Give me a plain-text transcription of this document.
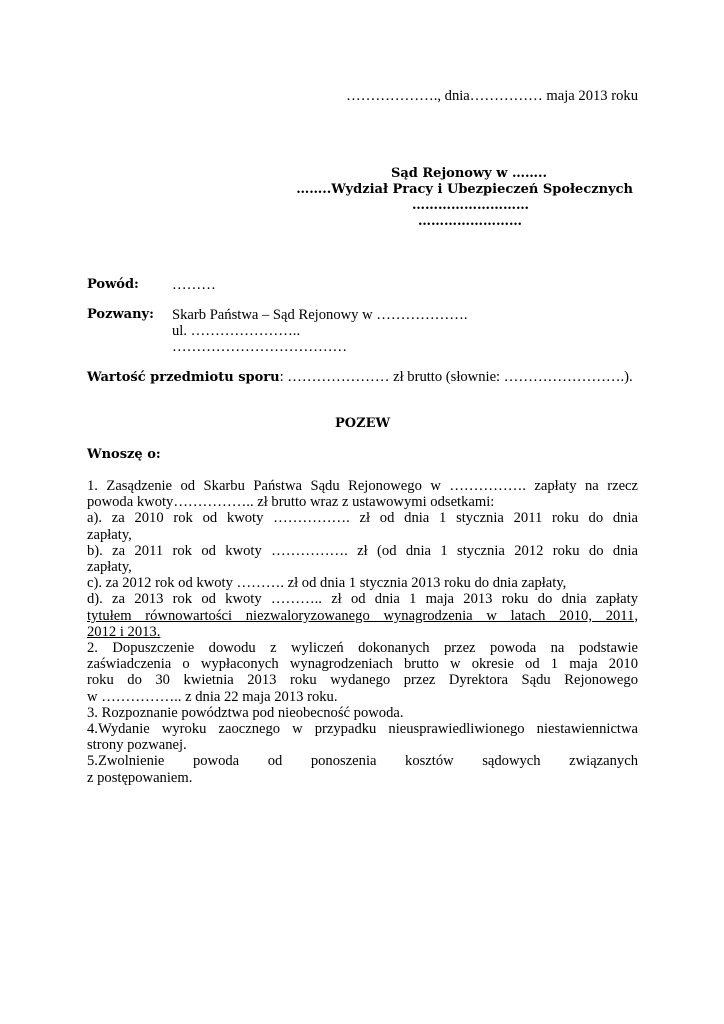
………………., dnia…………… maja 2013 roku
Sąd Rejonowy w ……..
……..Wydział Pracy i Ubezpieczeń Społecznych
………………………
……………………
Powód: ………
Pozwany: Skarb Państwa – Sąd Rejonowy w ……………….
ul. …………………..
………………………………
Wartość przedmiotu sporu: ………………… zł brutto (słownie: …………………….).
POZEW
Wnoszę o:
1. Zasądzenie od Skarbu Państwa Sądu Rejonowego w ……………. zapłaty na rzecz
powoda kwoty…………….. zł brutto wraz z ustawowymi odsetkami:
a). za 2010 rok od kwoty ……………. zł od dnia 1 stycznia 2011 roku do dnia
zapłaty,
b). za 2011 rok od kwoty ……………. zł (od dnia 1 stycznia 2012 roku do dnia
zapłaty,
c). za 2012 rok od kwoty ………. zł od dnia 1 stycznia 2013 roku do dnia zapłaty,
d). za 2013 rok od kwoty ……….. zł od dnia 1 maja 2013 roku do dnia zapłaty
tytułem równowartości niezwaloryzowanego wynagrodzenia w latach 2010, 2011,
2012 i 2013.
2. Dopuszczenie dowodu z wyliczeń dokonanych przez powoda na podstawie
zaświadczenia o wypłaconych wynagrodzeniach brutto w okresie od 1 maja 2010
roku do 30 kwietnia 2013 roku wydanego przez Dyrektora Sądu Rejonowego
w …………….. z dnia 22 maja 2013 roku.
3. Rozpoznanie powództwa pod nieobecność powoda.
4.Wydanie wyroku zaocznego w przypadku nieusprawiedliwionego niestawiennictwa
strony pozwanej.
5.Zwolnienie powoda od ponoszenia kosztów sądowych związanych
z postępowaniem.
